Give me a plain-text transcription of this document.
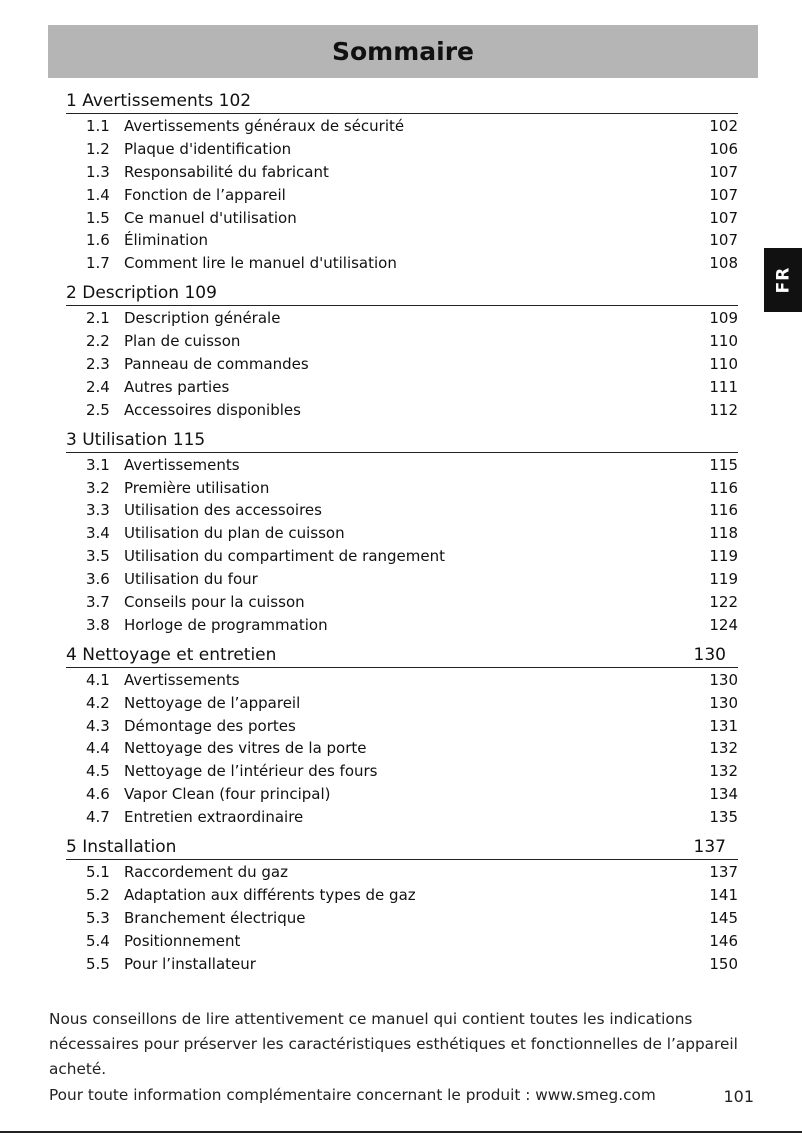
Sommaire
FR
1 Avertissements 102
1.1 Avertissements généraux de sécurité	102
1.2 Plaque d'identification	106
1.3 Responsabilité du fabricant	107
1.4 Fonction de l’appareil	107
1.5 Ce manuel d'utilisation	107
1.6 Élimination	107
1.7 Comment lire le manuel d'utilisation	108
2 Description 109
2.1 Description générale	109
2.2 Plan de cuisson	110
2.3 Panneau de commandes	110
2.4 Autres parties	111
2.5 Accessoires disponibles	112
3 Utilisation 115
3.1 Avertissements	115
3.2 Première utilisation	116
3.3 Utilisation des accessoires	116
3.4 Utilisation du plan de cuisson	118
3.5 Utilisation du compartiment de rangement	119
3.6 Utilisation du four	119
3.7 Conseils pour la cuisson	122
3.8 Horloge de programmation	124
4 Nettoyage et entretien	130
4.1 Avertissements	130
4.2 Nettoyage de l’appareil	130
4.3 Démontage des portes	131
4.4 Nettoyage des vitres de la porte	132
4.5 Nettoyage de l’intérieur des fours	132
4.6 Vapor Clean (four principal)	134
4.7 Entretien extraordinaire	135
5 Installation	137
5.1 Raccordement du gaz	137
5.2 Adaptation aux différents types de gaz	141
5.3 Branchement électrique	145
5.4 Positionnement	146
5.5 Pour l’installateur	150

Nous conseillons de lire attentivement ce manuel qui contient toutes les indications nécessaires pour préserver les caractéristiques esthétiques et fonctionnelles de l’appareil acheté.

Pour toute information complémentaire concernant le produit : www.smeg.com	101
